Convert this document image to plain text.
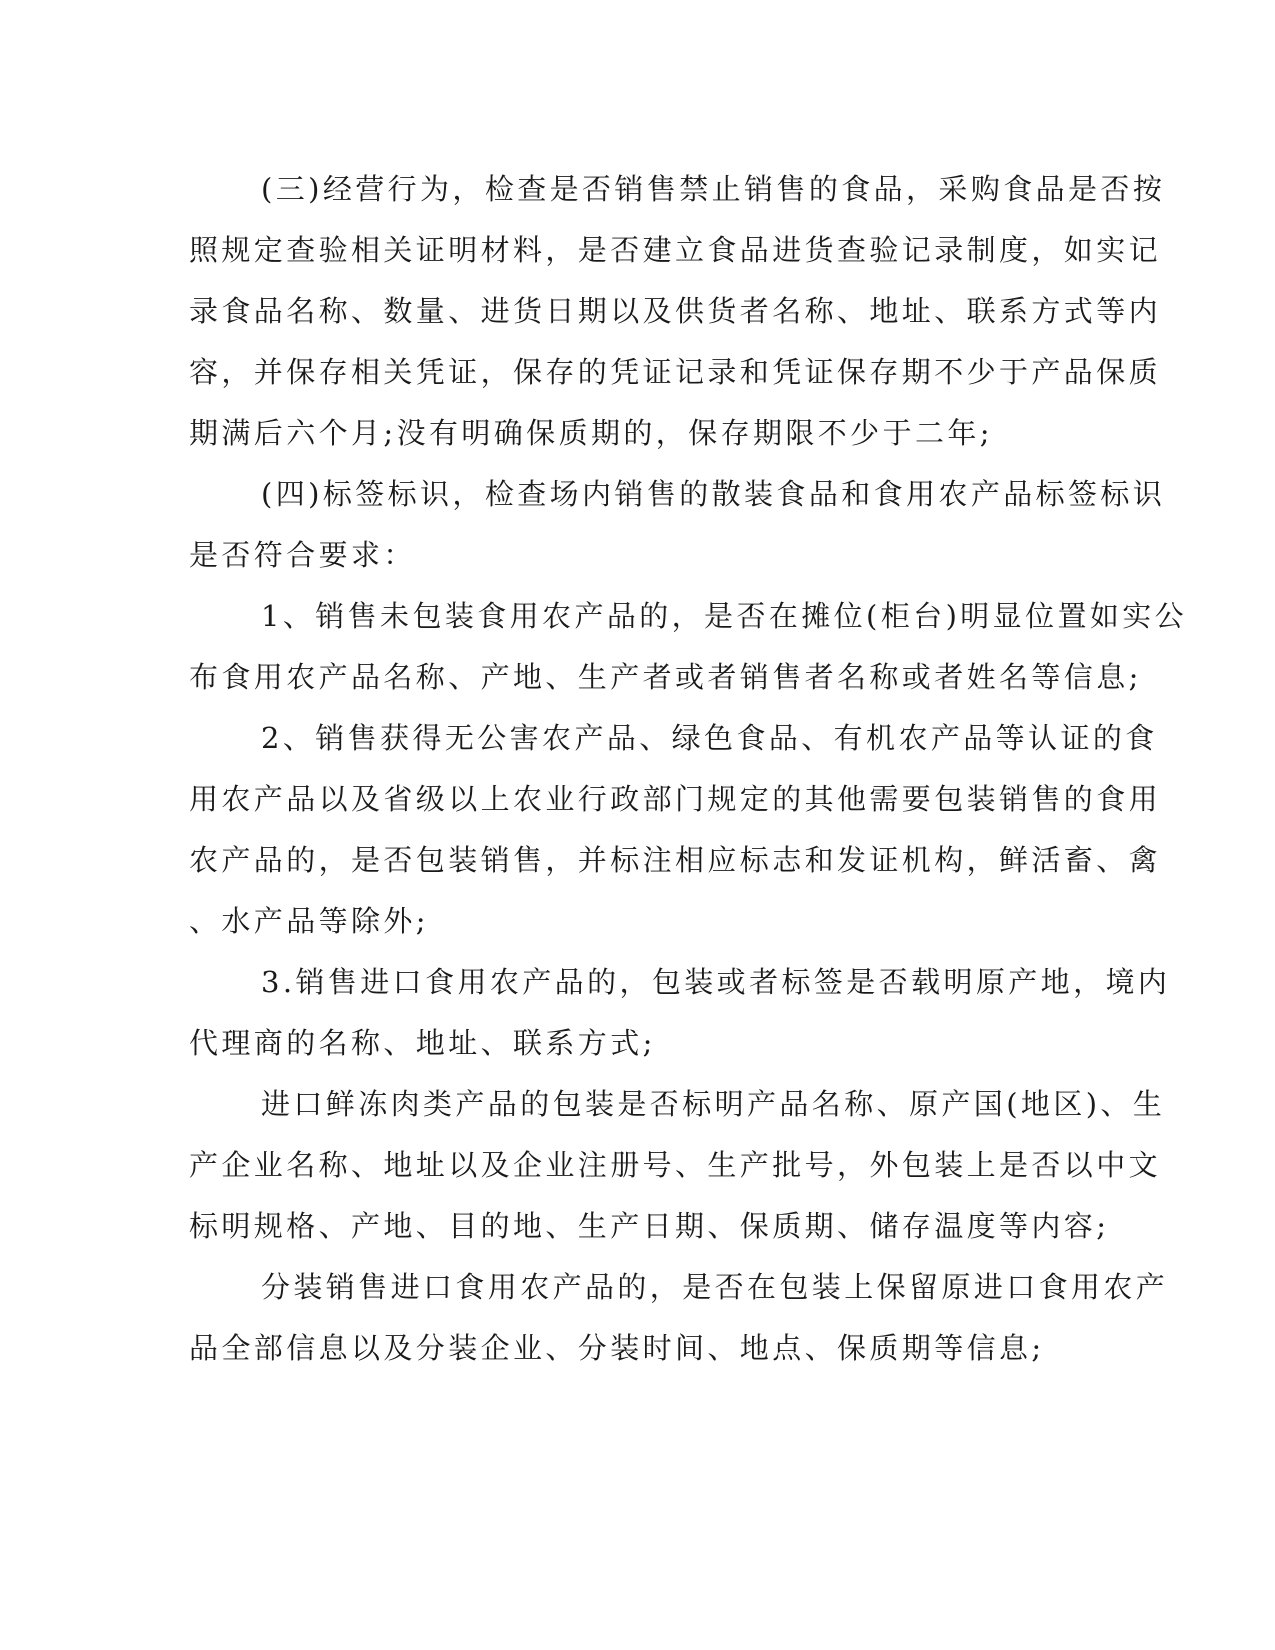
(三)经营行为，检查是否销售禁止销售的食品，采购食品是否按
照规定查验相关证明材料，是否建立食品进货查验记录制度，如实记
录食品名称、数量、进货日期以及供货者名称、地址、联系方式等内
容，并保存相关凭证，保存的凭证记录和凭证保存期不少于产品保质
期满后六个月;没有明确保质期的，保存期限不少于二年;
(四)标签标识，检查场内销售的散装食品和食用农产品标签标识
是否符合要求：
1、销售未包装食用农产品的，是否在摊位(柜台)明显位置如实公
布食用农产品名称、产地、生产者或者销售者名称或者姓名等信息;
2、销售获得无公害农产品、绿色食品、有机农产品等认证的食
用农产品以及省级以上农业行政部门规定的其他需要包装销售的食用
农产品的，是否包装销售，并标注相应标志和发证机构，鲜活畜、禽
、水产品等除外;
3.销售进口食用农产品的，包装或者标签是否载明原产地，境内
代理商的名称、地址、联系方式;
进口鲜冻肉类产品的包装是否标明产品名称、原产国(地区)、生
产企业名称、地址以及企业注册号、生产批号，外包装上是否以中文
标明规格、产地、目的地、生产日期、保质期、储存温度等内容;
分装销售进口食用农产品的，是否在包装上保留原进口食用农产
品全部信息以及分装企业、分装时间、地点、保质期等信息;
